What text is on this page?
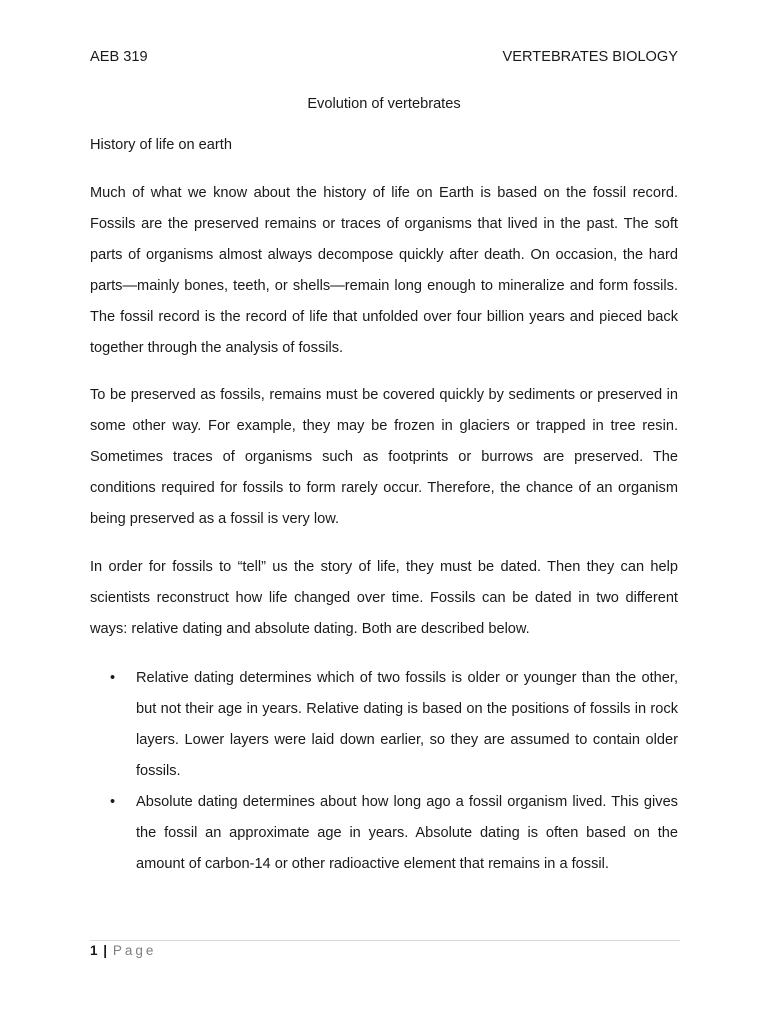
AEB 319	VERTEBRATES BIOLOGY
Evolution of vertebrates
History of life on earth

Much of what we know about the history of life on Earth is based on the fossil record. Fossils are the preserved remains or traces of organisms that lived in the past. The soft parts of organisms almost always decompose quickly after death. On occasion, the hard parts—mainly bones, teeth, or shells—remain long enough to mineralize and form fossils. The fossil record is the record of life that unfolded over four billion years and pieced back together through the analysis of fossils.

To be preserved as fossils, remains must be covered quickly by sediments or preserved in some other way. For example, they may be frozen in glaciers or trapped in tree resin. Sometimes traces of organisms such as footprints or burrows are preserved. The conditions required for fossils to form rarely occur. Therefore, the chance of an organism being preserved as a fossil is very low.

In order for fossils to “tell” us the story of life, they must be dated. Then they can help scientists reconstruct how life changed over time. Fossils can be dated in two different ways: relative dating and absolute dating. Both are described below.

• Relative dating determines which of two fossils is older or younger than the other, but not their age in years. Relative dating is based on the positions of fossils in rock layers. Lower layers were laid down earlier, so they are assumed to contain older fossils.
• Absolute dating determines about how long ago a fossil organism lived. This gives the fossil an approximate age in years. Absolute dating is often based on the amount of carbon-14 or other radioactive element that remains in a fossil.
1 | Page
